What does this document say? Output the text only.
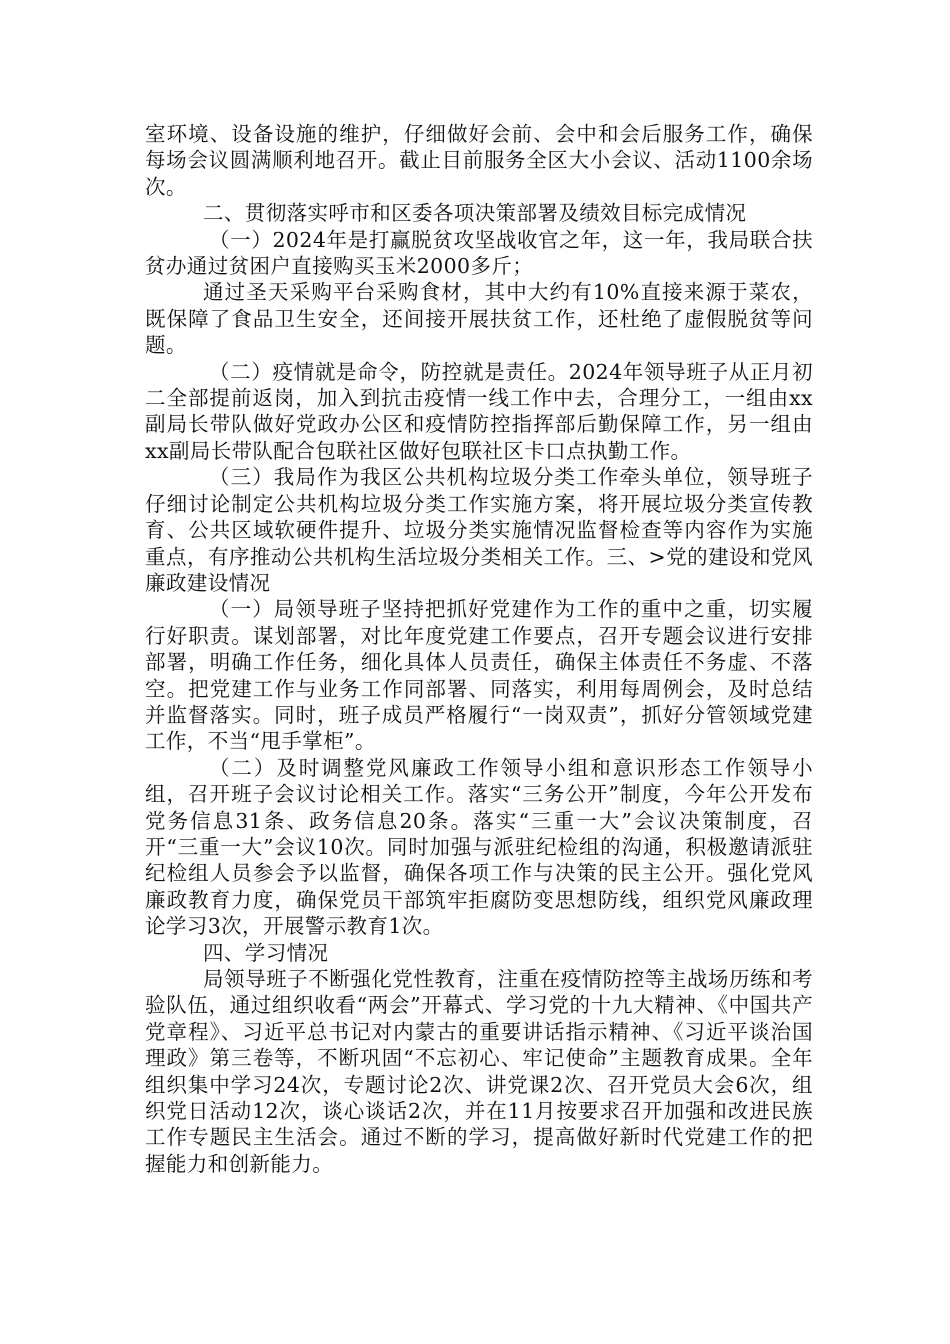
室环境、设备设施的维护，仔细做好会前、会中和会后服务工作，确保每场会议圆满顺利地召开。截止目前服务全区大小会议、活动1100余场次。

二、贯彻落实呼市和区委各项决策部署及绩效目标完成情况

（一）2024年是打赢脱贫攻坚战收官之年，这一年，我局联合扶贫办通过贫困户直接购买玉米2000多斤；

通过圣天采购平台采购食材，其中大约有10%直接来源于菜农，既保障了食品卫生安全，还间接开展扶贫工作，还杜绝了虚假脱贫等问题。

（二）疫情就是命令，防控就是责任。2024年领导班子从正月初二全部提前返岗，加入到抗击疫情一线工作中去，合理分工，一组由xx副局长带队做好党政办公区和疫情防控指挥部后勤保障工作，另一组由xx副局长带队配合包联社区做好包联社区卡口点执勤工作。

（三）我局作为我区公共机构垃圾分类工作牵头单位，领导班子仔细讨论制定公共机构垃圾分类工作实施方案，将开展垃圾分类宣传教育、公共区域软硬件提升、垃圾分类实施情况监督检查等内容作为实施重点，有序推动公共机构生活垃圾分类相关工作。三、>党的建设和党风廉政建设情况

（一）局领导班子坚持把抓好党建作为工作的重中之重，切实履行好职责。谋划部署，对比年度党建工作要点，召开专题会议进行安排部署，明确工作任务，细化具体人员责任，确保主体责任不务虚、不落空。把党建工作与业务工作同部署、同落实，利用每周例会，及时总结并监督落实。同时，班子成员严格履行“一岗双责”，抓好分管领域党建工作，不当“甩手掌柜”。

（二）及时调整党风廉政工作领导小组和意识形态工作领导小组，召开班子会议讨论相关工作。落实“三务公开”制度，今年公开发布党务信息31条、政务信息20条。落实“三重一大”会议决策制度，召开“三重一大”会议10次。同时加强与派驻纪检组的沟通，积极邀请派驻纪检组人员参会予以监督，确保各项工作与决策的民主公开。强化党风廉政教育力度，确保党员干部筑牢拒腐防变思想防线，组织党风廉政理论学习3次，开展警示教育1次。

四、学习情况

局领导班子不断强化党性教育，注重在疫情防控等主战场历练和考验队伍，通过组织收看“两会”开幕式、学习党的十九大精神、《中国共产党章程》、习近平总书记对内蒙古的重要讲话指示精神、《习近平谈治国理政》第三卷等，不断巩固“不忘初心、牢记使命”主题教育成果。全年组织集中学习24次，专题讨论2次、讲党课2次、召开党员大会6次，组织党日活动12次，谈心谈话2次，并在11月按要求召开加强和改进民族工作专题民主生活会。通过不断的学习，提高做好新时代党建工作的把握能力和创新能力。
